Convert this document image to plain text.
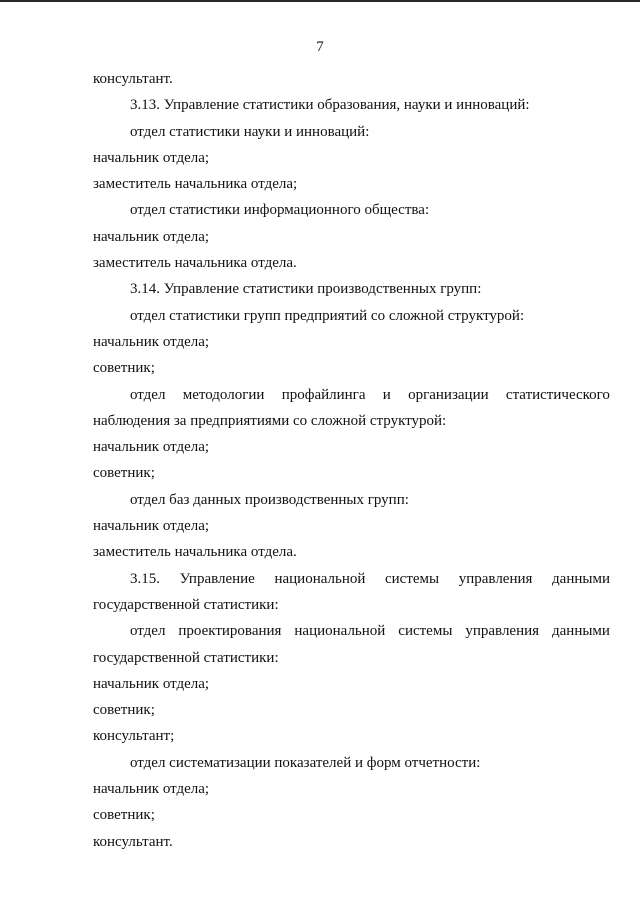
7

консультант.

3.13. Управление статистики образования, науки и инноваций:

отдел статистики науки и инноваций:

начальник отдела;

заместитель начальника отдела;

отдел статистики информационного общества:

начальник отдела;

заместитель начальника отдела.

3.14. Управление статистики производственных групп:

отдел статистики групп предприятий со сложной структурой:

начальник отдела;

советник;

отдел методологии профайлинга и организации статистического

наблюдения за предприятиями со сложной структурой:

начальник отдела;

советник;

отдел баз данных производственных групп:

начальник отдела;

заместитель начальника отдела.

3.15. Управление национальной системы управления данными

государственной статистики:

отдел проектирования национальной системы управления данными

государственной статистики:

начальник отдела;

советник;

консультант;

отдел систематизации показателей и форм отчетности:

начальник отдела;

советник;

консультант.
